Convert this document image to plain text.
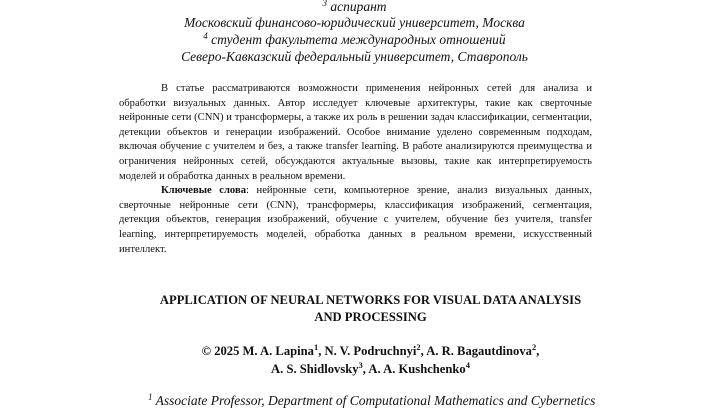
$^3$ аспирант
Московский финансово-юридический университет, Москва
$^4$ студент факультета международных отношений
Северо-Кавказский федеральный университет, Ставрополь

В статье рассматриваются возможности применения нейронных сетей для анализа и обработки визуальных данных. Автор исследует ключевые архитектуры, такие как сверточные нейронные сети (CNN) и трансформеры, а также их роль в решении задач классификации, сегментации, детекции объектов и генерации изображений. Особое внимание уделено современным подходам, включая обучение с учителем и без, а также transfer learning. В работе анализируются преимущества и ограничения нейронных сетей, обсуждаются актуальные вызовы, такие как интерпретируемость моделей и обработка данных в реальном времени.

Ключевые слова: нейронные сети, компьютерное зрение, анализ визуальных данных, сверточные нейронные сети (CNN), трансформеры, классификация изображений, сегментация, детекция объектов, генерация изображений, обучение с учителем, обучение без учителя, transfer learning, интерпретируемость моделей, обработка данных в реальном времени, искусственный интеллект.

APPLICATION OF NEURAL NETWORKS FOR VISUAL DATA ANALYSIS
AND PROCESSING
© 2025 M. A. Lapina$^1$, N. V. Podruchnyi$^2$, A. R. Bagautdinova$^2$,
A. S. Shidlovsky$^3$, A. A. Kushchenko$^4$
$^1$ Associate Professor, Department of Computational Mathematics and Cybernetics
